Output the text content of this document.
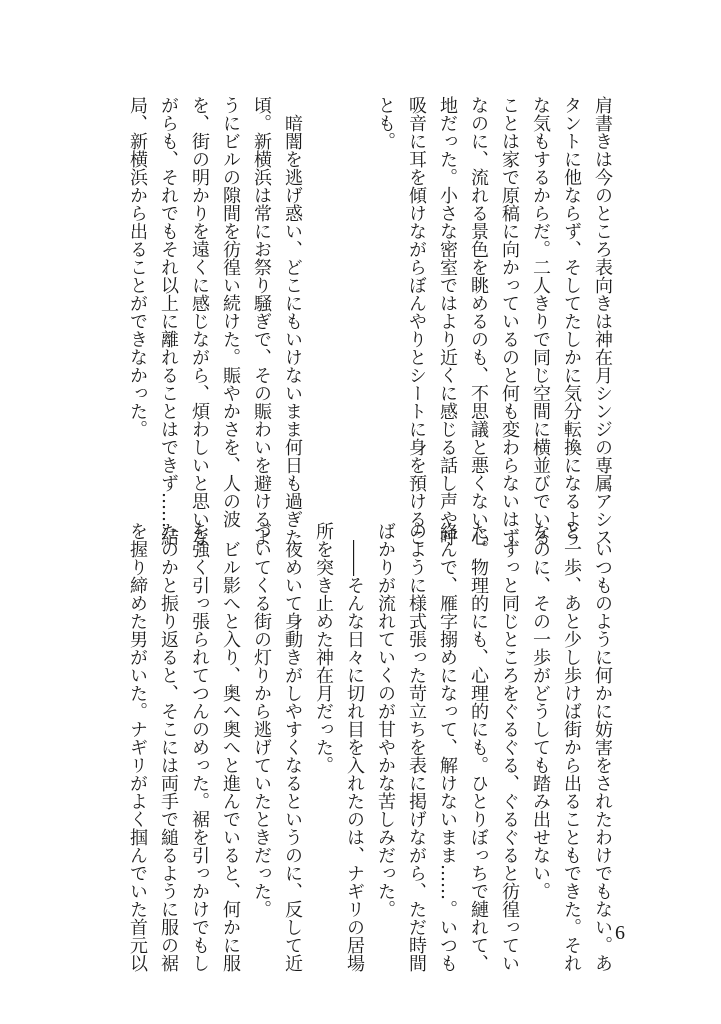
肩書きは今のところ表向きは神在月シンジの専属アシス
タントに他ならず、そしてたしかに気分転換になるよう
な気もするからだ。二人きりで同じ空間に横並びでいる
ことは家で原稿に向かっているのと何も変わらないはず
なのに、流れる景色を眺めるのも、不思議と悪くない心
地だった。小さな密室ではより近くに感じる話し声や呼
吸音に耳を傾けながらぼんやりとシートに身を預けるこ
とも。
暗闇を逃げ惑い、どこにもいけないまま何日も過ぎた
頃。新横浜は常にお祭り騒ぎで、その賑わいを避けるよ
うにビルの隙間を彷徨い続けた。賑やかさを、人の波
を、街の明かりを遠くに感じながら、煩わしいと思いな
がらも、それでもそれ以上に離れることはできず……結
局、新横浜から出ることができなかった。
いつものように何かに妨害をされたわけでもない。あ
と一歩、あと少し歩けば街から出ることもできた。それ
なのに、その一歩がどうしても踏み出せない。
ずっと同じところをぐるぐる、ぐるぐると彷徨ってい
た。物理的にも、心理的にも。ひとりぼっちで縺れて、
絡んで、雁字搦めになって、解けないまま……。いつも
のように様式張った苛立ちを表に掲げながら、ただ時間
ばかりが流れていくのが甘やかな苦しみだった。
――そんな日々に切れ目を入れたのは、ナギリの居場
所を突き止めた神在月だった。
夜めいて身動きがしやすくなるというのに、反して近
づいてくる街の灯りから逃げていたときだった。
ビル影へと入り、奥へ奥へと進んでいると、何かに服
を強く引っ張られてつんのめった。裾を引っかけでもし
たのかと振り返ると、そこには両手で縋るように服の裾
を握り締めた男がいた。ナギリがよく掴んでいた首元以	6
